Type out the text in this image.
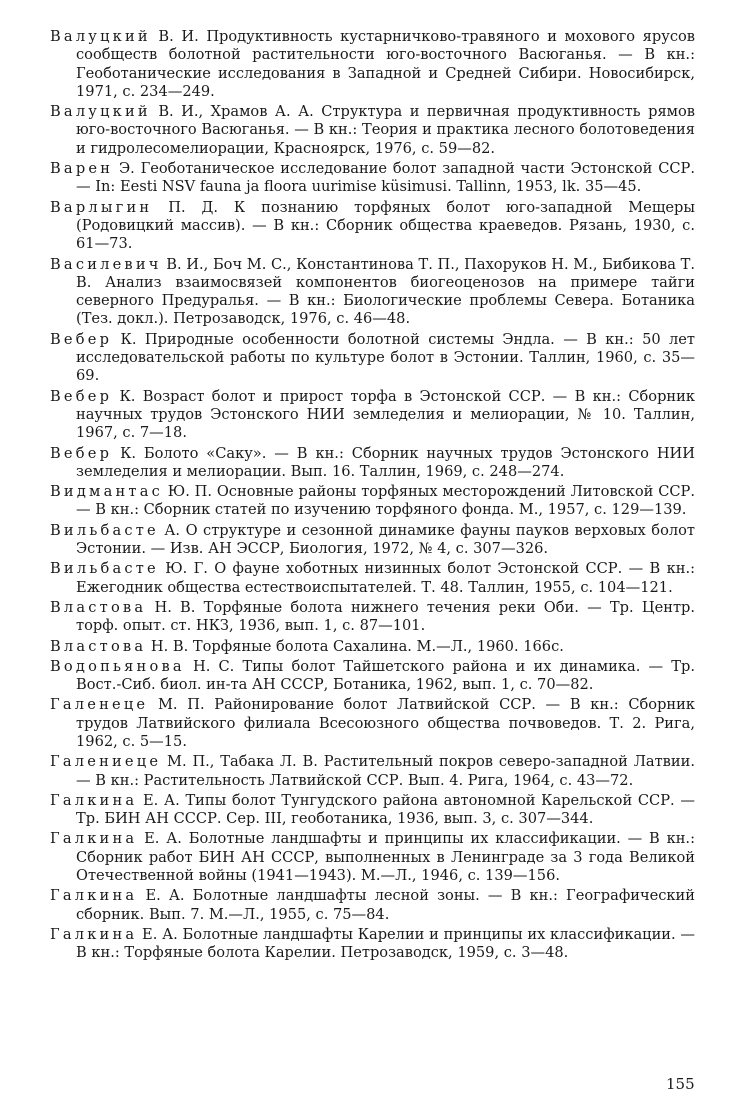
Валуцкий В. И. Продуктивность кустарничково-травяного и мохового ярусов сообществ болотной растительности юго-восточного Васюганья. — В кн.: Геоботанические исследования в Западной и Средней Сибири. Новосибирск, 1971, с. 234—249.

Валуцкий В. И., Храмов А. А. Структура и первичная продуктивность рямов юго-восточного Васюганья. — В кн.: Теория и практика лесного болотоведения и гидролесомелиорации, Красноярск, 1976, с. 59—82.

Варен Э. Геоботаническое исследование болот западной части Эстонской ССР. — In: Eesti NSV fauna ja floora uurimise küsimusi. Tallinn, 1953, lk. 35—45.

Варлыгин П. Д. К познанию торфяных болот юго-западной Мещеры (Родовицкий массив). — В кн.: Сборник общества краеведов. Рязань, 1930, с. 61—73.

Василевич В. И., Боч М. С., Константинова Т. П., Пахоруков Н. М., Бибикова Т. В. Анализ взаимосвязей компонентов биогеоценозов на примере тайги северного Предуралья. — В кн.: Биологические проблемы Севера. Ботаника (Тез. докл.). Петрозаводск, 1976, с. 46—48.

Вебер К. Природные особенности болотной системы Эндла. — В кн.: 50 лет исследовательской работы по культуре болот в Эстонии. Таллин, 1960, с. 35—69.

Вебер К. Возраст болот и прирост торфа в Эстонской ССР. — В кн.: Сборник научных трудов Эстонского НИИ земледелия и мелиорации, № 10. Таллин, 1967, с. 7—18.

Вебер К. Болото «Саку». — В кн.: Сборник научных трудов Эстонского НИИ земледелия и мелиорации. Вып. 16. Таллин, 1969, с. 248—274.

Видмантас Ю. П. Основные районы торфяных месторождений Литовской ССР. — В кн.: Сборник статей по изучению торфяного фонда. М., 1957, с. 129—139.

Вильбасте А. О структуре и сезонной динамике фауны пауков верховых болот Эстонии. — Изв. АН ЭССР, Биология, 1972, № 4, с. 307—326.

Вильбасте Ю. Г. О фауне хоботных низинных болот Эстонской ССР. — В кн.: Ежегодник общества естествоиспытателей. Т. 48. Таллин, 1955, с. 104—121.

Властова Н. В. Торфяные болота нижнего течения реки Оби. — Тр. Центр. торф. опыт. ст. НКЗ, 1936, вып. 1, с. 87—101.

Властова Н. В. Торфяные болота Сахалина. М.—Л., 1960. 166с.

Водопьянова Н. С. Типы болот Тайшетского района и их динамика. — Тр. Вост.-Сиб. биол. ин-та АН СССР, Ботаника, 1962, вып. 1, с. 70—82.

Галенеце М. П. Районирование болот Латвийской ССР. — В кн.: Сборник трудов Латвийского филиала Всесоюзного общества почвоведов. Т. 2. Рига, 1962, с. 5—15.

Галениеце М. П., Табака Л. В. Растительный покров северо-западной Латвии. — В кн.: Растительность Латвийской ССР. Вып. 4. Рига, 1964, с. 43—72.

Галкина Е. А. Типы болот Тунгудского района автономной Карельской ССР. — Тр. БИН АН СССР. Сер. III, геоботаника, 1936, вып. 3, с. 307—344.

Галкина Е. А. Болотные ландшафты и принципы их классификации. — В кн.: Сборник работ БИН АН СССР, выполненных в Ленинграде за 3 года Великой Отечественной войны (1941—1943). М.—Л., 1946, с. 139—156.

Галкина Е. А. Болотные ландшафты лесной зоны. — В кн.: Географический сборник. Вып. 7. М.—Л., 1955, с. 75—84.

Галкина Е. А. Болотные ландшафты Карелии и принципы их классификации. — В кн.: Торфяные болота Карелии. Петрозаводск, 1959, с. 3—48.

155
